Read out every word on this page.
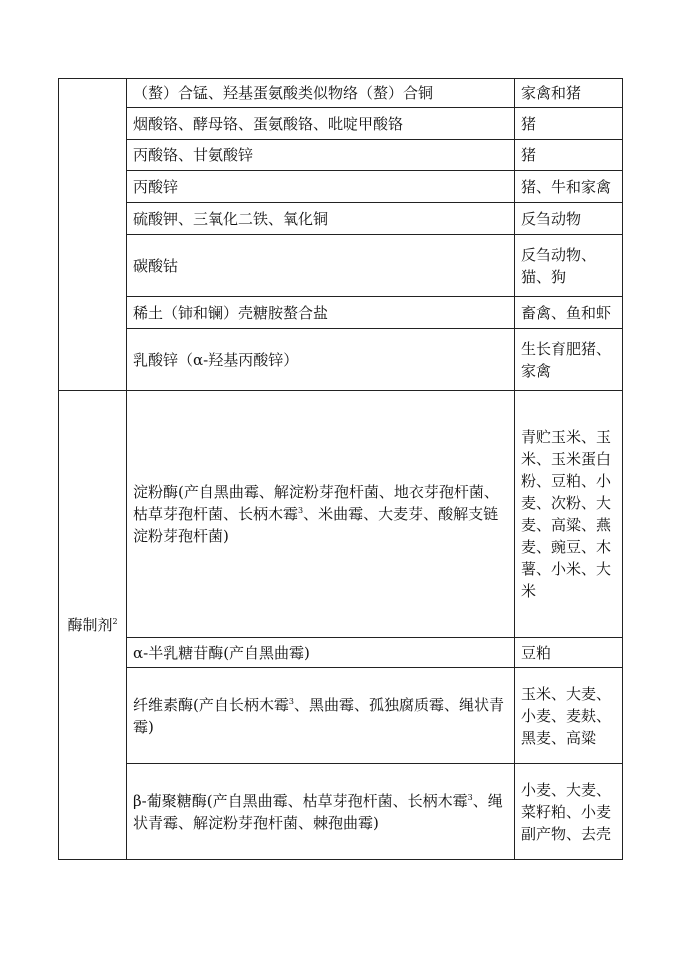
	（螯）合锰、羟基蛋氨酸类似物络（螯）合铜	家禽和猪
	烟酸铬、酵母铬、蛋氨酸铬、吡啶甲酸铬	猪
	丙酸铬、甘氨酸锌	猪
	丙酸锌	猪、牛和家禽
	硫酸钾、三氧化二铁、氧化铜	反刍动物
	碳酸钴	反刍动物、猫、狗
	稀土（铈和镧）壳糖胺螯合盐	畜禽、鱼和虾
	乳酸锌（α-羟基丙酸锌）	生长育肥猪、家禽
酶制剂$^2$	淀粉酶(产自黑曲霉、解淀粉芽孢杆菌、地衣芽孢杆菌、枯草芽孢杆菌、长柄木霉$^3$、米曲霉、大麦芽、酸解支链淀粉芽孢杆菌)	青贮玉米、玉米、玉米蛋白粉、豆粕、小麦、次粉、大麦、高粱、燕麦、豌豆、木薯、小米、大米
	α-半乳糖苷酶(产自黑曲霉)	豆粕
	纤维素酶(产自长柄木霉$^3$、黑曲霉、孤独腐质霉、绳状青霉)	玉米、大麦、小麦、麦麸、黑麦、高粱
	β-葡聚糖酶(产自黑曲霉、枯草芽孢杆菌、长柄木霉$^3$、绳状青霉、解淀粉芽孢杆菌、棘孢曲霉)	小麦、大麦、菜籽粕、小麦副产物、去壳
